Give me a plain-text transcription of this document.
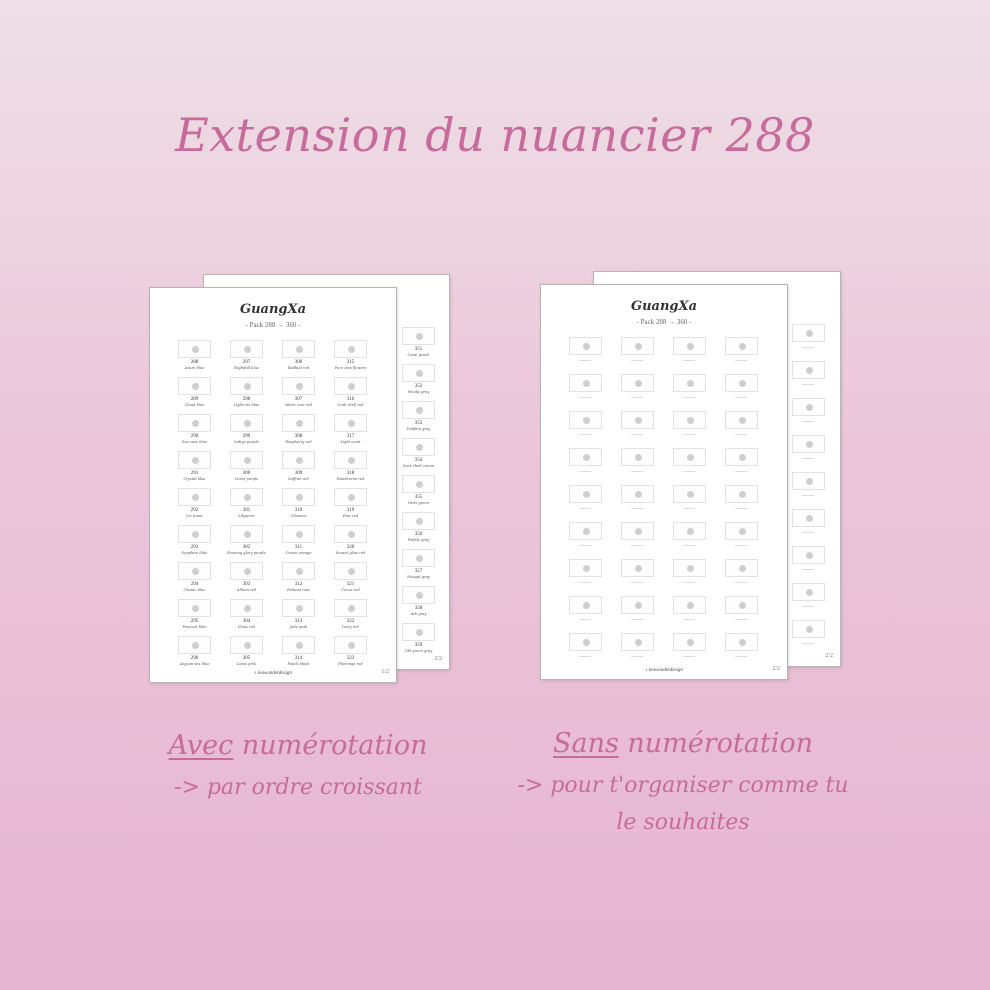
Extension du nuancier 288
351
Coral peach
352
Smoky gray
353
Dolphin gray
354
Dark shell cream
355
Paris green
356
Pebble gray
357
Nougat gray
358
Ash gray
359
Old green gray
2/2
GuangXa
- Pack 288 → 360 -
288
Azure blue
297
Nightfall blue
306
Redbud red
315
Pure dew flowers
289
Cloud blue
298
Light iris blue
307
Warm rose red
316
Crab shell red
290
Sea cave blue
299
Indigo purple
308
Raspberry red
317
Light coral
291
Crystal blue
300
Violet purple
309
Saffron red
318
Hawthorne red
292
Ice topaz
301
Lilyamor
310
Glamour
319
Pear red
293
Sapphire blue
302
Evening glory purple
311
Crown orange
320
Sunset glow red
294
Classic blue
303
Allium red
312
Petunia rose
321
Cocoa red
295
Peacock blue
304
Clove red
313
Jade pink
322
Ivory red
296
Aegean sea blue
305
Lotus pink
314
Peach blush
323
Flamingo red
♪ leawonderdesign	1/2
2/2
GuangXa
- Pack 288 → 360 -
♪ leawonderdesign	2/2
Avec numérotation
-> par ordre croissant
Sans numérotation
-> pour t'organiser comme tu
le souhaites
